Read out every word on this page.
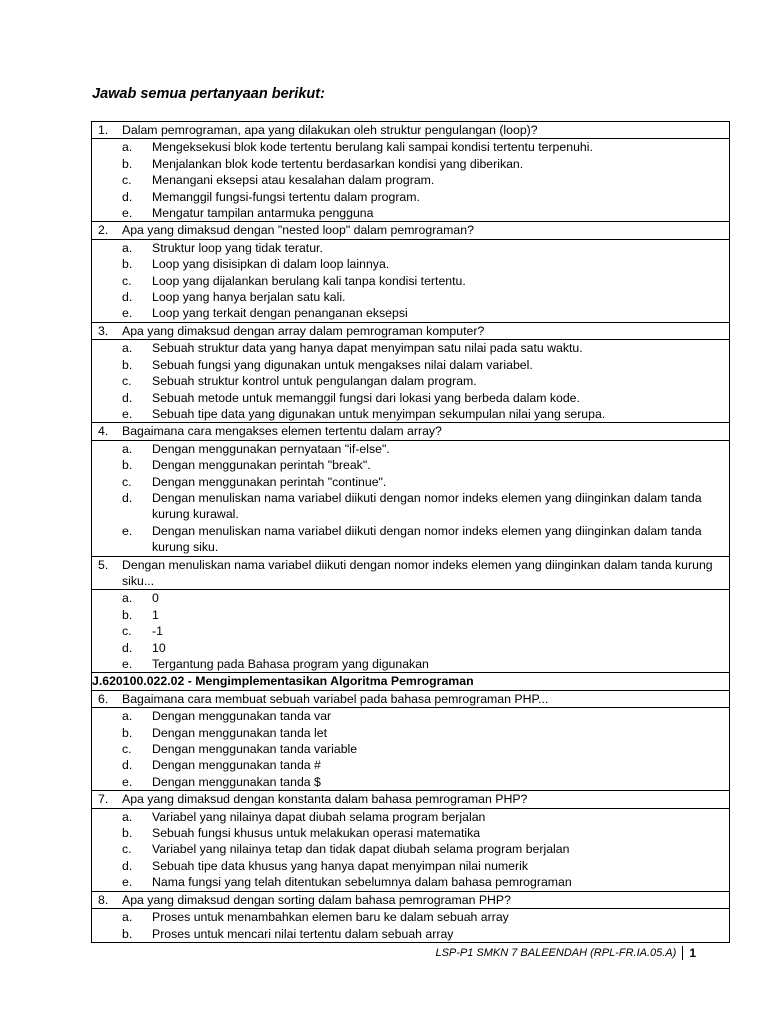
Jawab semua pertanyaan berikut:
1.	Dalam pemrograman, apa yang dilakukan oleh struktur pengulangan (loop)?

a.	Mengeksekusi blok kode tertentu berulang kali sampai kondisi tertentu terpenuhi.
b.	Menjalankan blok kode tertentu berdasarkan kondisi yang diberikan.
c.	Menangani eksepsi atau kesalahan dalam program.
d.	Memanggil fungsi-fungsi tertentu dalam program.
e.	Mengatur tampilan antarmuka pengguna

2.	Apa yang dimaksud dengan "nested loop" dalam pemrograman?

a.	Struktur loop yang tidak teratur.
b.	Loop yang disisipkan di dalam loop lainnya.
c.	Loop yang dijalankan berulang kali tanpa kondisi tertentu.
d.	Loop yang hanya berjalan satu kali.
e.	Loop yang terkait dengan penanganan eksepsi

3.	Apa yang dimaksud dengan array dalam pemrograman komputer?

a.	Sebuah struktur data yang hanya dapat menyimpan satu nilai pada satu waktu.
b.	Sebuah fungsi yang digunakan untuk mengakses nilai dalam variabel.
c.	Sebuah struktur kontrol untuk pengulangan dalam program.
d.	Sebuah metode untuk memanggil fungsi dari lokasi yang berbeda dalam kode.
e.	Sebuah tipe data yang digunakan untuk menyimpan sekumpulan nilai yang serupa.

4.	Bagaimana cara mengakses elemen tertentu dalam array?

a.	Dengan menggunakan pernyataan "if-else".
b.	Dengan menggunakan perintah "break".
c.	Dengan menggunakan perintah "continue".
d.	Dengan menuliskan nama variabel diikuti dengan nomor indeks elemen yang diinginkan dalam tanda kurung kurawal.
e.	Dengan menuliskan nama variabel diikuti dengan nomor indeks elemen yang diinginkan dalam tanda kurung siku.

5.	Dengan menuliskan nama variabel diikuti dengan nomor indeks elemen yang diinginkan dalam tanda kurung siku...

a.	0
b.	1
c.	-1
d.	10
e.	Tergantung pada Bahasa program yang digunakan

J.620100.022.02 - Mengimplementasikan Algoritma Pemrograman

6.	Bagaimana cara membuat sebuah variabel pada bahasa pemrograman PHP...

a.	Dengan menggunakan tanda var
b.	Dengan menggunakan tanda let
c.	Dengan menggunakan tanda variable
d.	Dengan menggunakan tanda #
e.	Dengan menggunakan tanda $

7.	Apa yang dimaksud dengan konstanta dalam bahasa pemrograman PHP?

a.	Variabel yang nilainya dapat diubah selama program berjalan
b.	Sebuah fungsi khusus untuk melakukan operasi matematika
c.	Variabel yang nilainya tetap dan tidak dapat diubah selama program berjalan
d.	Sebuah tipe data khusus yang hanya dapat menyimpan nilai numerik
e.	Nama fungsi yang telah ditentukan sebelumnya dalam bahasa pemrograman

8.	Apa yang dimaksud dengan sorting dalam bahasa pemrograman PHP?

a.	Proses untuk menambahkan elemen baru ke dalam sebuah array
b.	Proses untuk mencari nilai tertentu dalam sebuah array
LSP-P1 SMKN 7 BALEENDAH (RPL-FR.IA.05.A) 1
